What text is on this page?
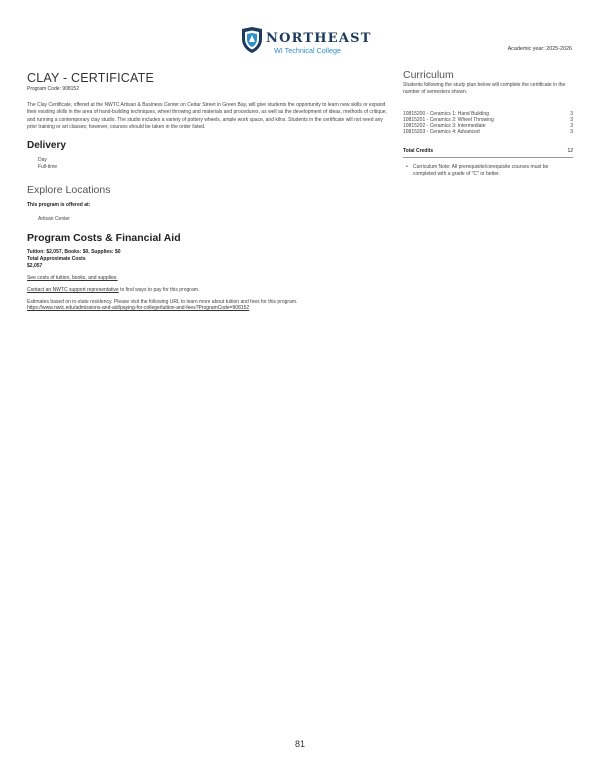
NORTHEAST
WI Technical College	Academic year: 2025-2026
CLAY - CERTIFICATE
Program Code: 908152

The Clay Certificate, offered at the NWTC Artisan & Business Center on Cedar Street in Green Bay, will give students the opportunity to learn new skills or expand their existing skills in the area of hand-building techniques, wheel throwing and materials and procedures, as well as the development of ideas, methods of critique, and running a contemporary clay studio. The studio includes a variety of pottery wheels, ample work space, and kilns. Students in the certificate will not need any prior training or art classes; however, courses should be taken in the order listed.

Delivery
Day
Full-time
Explore Locations
This program is offered at:
Artisan Center
Program Costs & Financial Aid
Tuition: $2,057, Books: $0, Supplies: $0
Total Approximate Costs
$2,057
See costs of tuition, books, and supplies.
Contact an NWTC support representative to find ways to pay for this program.
Estimates based on in-state residency. Please visit the following URL to learn more about tuition and fees for this program.
https://www.nwtc.edu/admissions-and-aid/paying-for-college/tuition-and-fees?ProgramCode=908152
Curriculum

Students following the study plan below will complete the certificate in the number of semesters shown.

10815200 - Ceramics 1: Hand Building	3
10815201 - Ceramics 2: Wheel Throwing	3
10815202 - Ceramics 3: Intermediate	3
10815203 - Ceramics 4: Advanced	3
Total Credits	12
• Curriculum Note: All prerequisite/corequisite courses must be completed with a grade of "C" or better.
81
